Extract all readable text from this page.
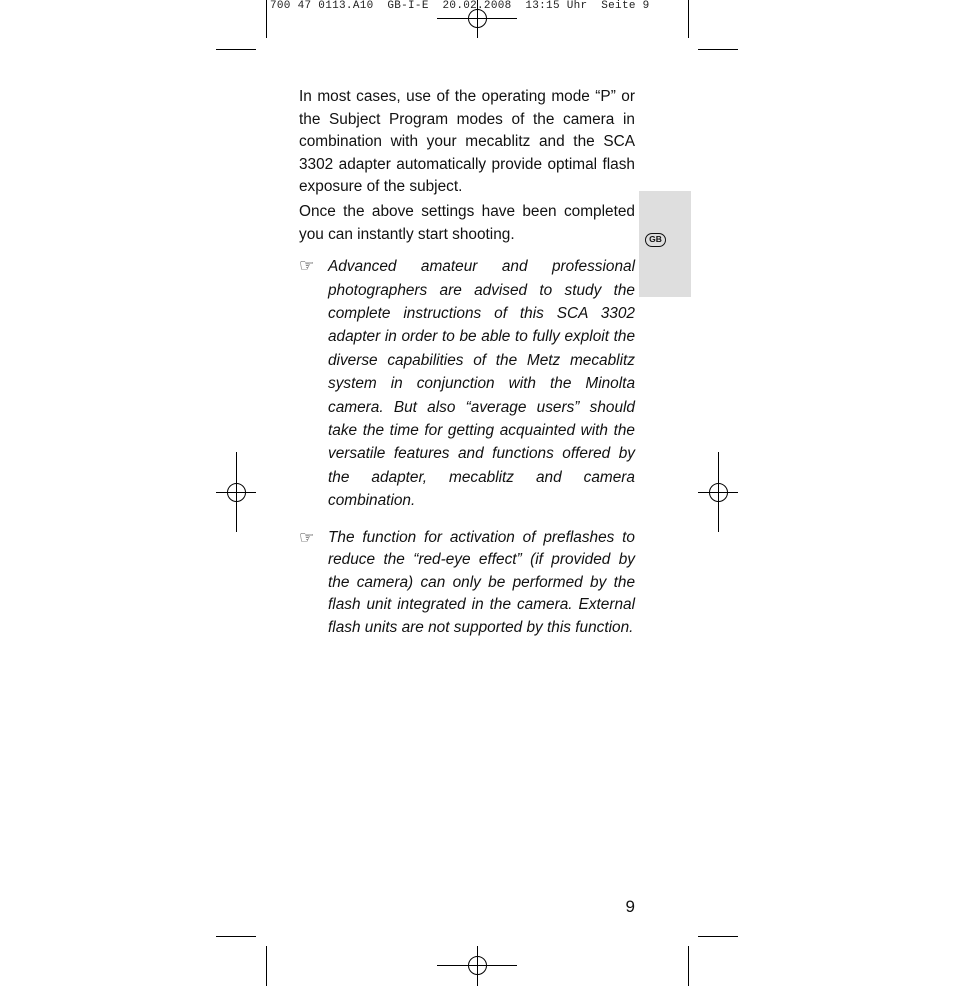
700 47 0113.A10  GB-I-E  20.02.2008  13:15 Uhr  Seite 9
GB

In most cases, use of the operating mode “P” or the Subject Program modes of the camera in combination with your mecablitz and the SCA 3302 adapter automatically provide optimal flash exposure of the subject.

Once the above settings have been completed you can instantly start shooting.

☞ Advanced amateur and professional photographers are advised to study the complete instructions of this SCA 3302 adapter in order to be able to fully exploit the diverse capabilities of the Metz mecablitz system in conjunction with the Minolta camera. But also “average users” should take the time for getting acquainted with the versatile features and functions offered by the adapter, mecablitz and camera combination.
☞ The function for activation of preflashes to reduce the “red-eye effect” (if provided by the camera) can only be performed by the flash unit integrated in the camera. External flash units are not supported by this function.
9
